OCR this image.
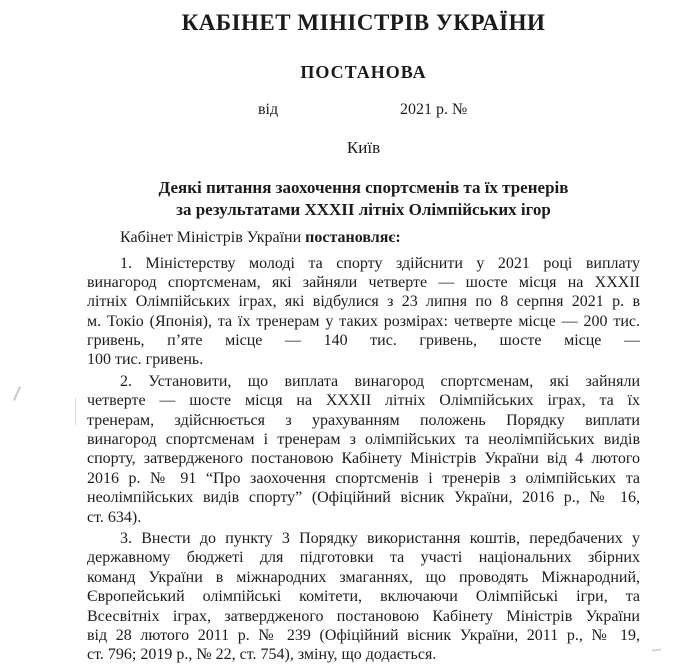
КАБІНЕТ МІНІСТРІВ УКРАЇНИ
ПОСТАНОВА
від	2021 р. №
Київ
Деякі питання заохочення спортсменів та їх тренерів
за результатами XXXII літніх Олімпійських ігор
Кабінет Міністрів України постановляє:
1. Міністерству молоді та спорту здійснити у 2021 році виплату
винагород спортсменам, які зайняли четверте — шосте місця на XXXII
літніх Олімпійських іграх, які відбулися з 23 липня по 8 серпня 2021 р. в
м. Токіо (Японія), та їх тренерам у таких розмірах: четверте місце — 200 тис.
гривень, п’яте місце — 140 тис. гривень, шосте місце —
100 тис. гривень.
2. Установити, що виплата винагород спортсменам, які зайняли
четверте — шосте місця на XXXII літніх Олімпійських іграх, та їх
тренерам, здійснюється з урахуванням положень Порядку виплати
винагород спортсменам і тренерам з олімпійських та неолімпійських видів
спорту, затвердженого постановою Кабінету Міністрів України від 4 лютого
2016 р. № 91 “Про заохочення спортсменів і тренерів з олімпійських та
неолімпійських видів спорту” (Офіційний вісник України, 2016 р., № 16,
ст. 634).
3. Внести до пункту 3 Порядку використання коштів, передбачених у
державному бюджеті для підготовки та участі національних збірних
команд України в міжнародних змаганнях, що проводять Міжнародний,
Європейський олімпійські комітети, включаючи Олімпійські ігри, та
Всесвітніх іграх, затвердженого постановою Кабінету Міністрів України
від 28 лютого 2011 р. № 239 (Офіційний вісник України, 2011 р., № 19,
ст. 796; 2019 р., № 22, ст. 754), зміну, що додається.
